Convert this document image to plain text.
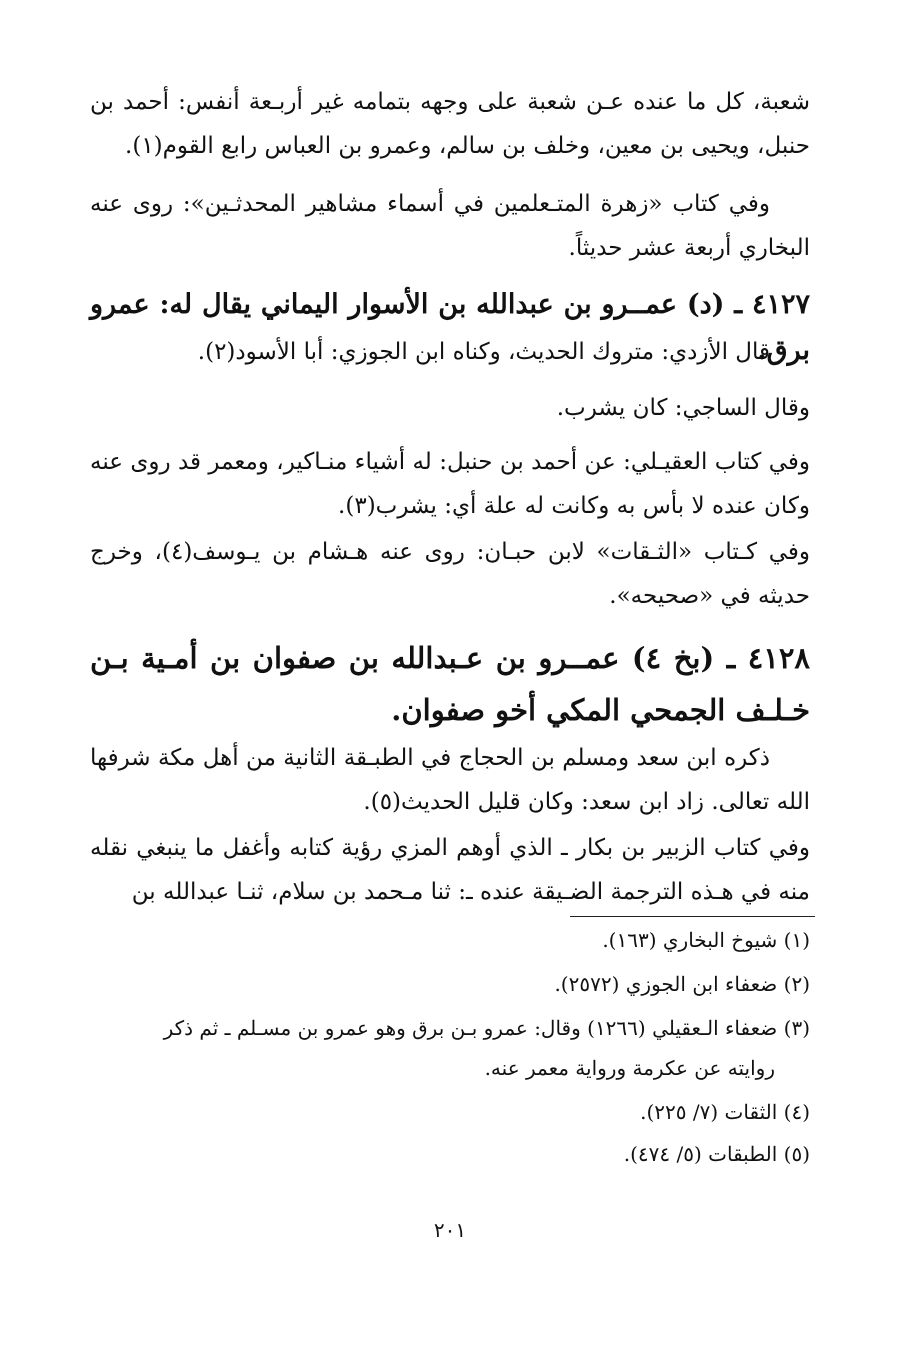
شعبة، كل ما عنده عـن شعبة على وجهه بتمامه غير أربـعة أنفس: أحمد بن حنبل، ويحيى بن معين، وخلف بن سالم، وعمرو بن العباس رابع القوم(١).

وفي كتاب «زهرة المتـعلمين في أسماء مشاهير المحدثـين»: روى عنه البخاري أربعة عشر حديثاً.

٤١٢٧ ـ (د) عمــرو بن عبدالله بن الأسوار اليماني يقال له: عمرو برق.

قال الأزدي: متروك الحديث، وكناه ابن الجوزي: أبا الأسود(٢).

وقال الساجي: كان يشرب.

وفي كتاب العقيـلي: عن أحمد بن حنبل: له أشياء منـاكير، ومعمر قد روى عنه وكان عنده لا بأس به وكانت له علة أي: يشرب(٣).

وفي كـتاب «الثـقات» لابن حبـان: روى عنه هـشام بن يـوسف(٤)، وخرج حديثه في «صحيحه».

٤١٢٨ ـ (بخ ٤) عمــرو بن عـبدالله بن صفوان بن أمـية بـن خـلـف الجمحي المكي أخو صفوان.

ذكره ابن سعد ومسلم بن الحجاج في الطبـقة الثانية من أهل مكة شرفها الله تعالى. زاد ابن سعد: وكان قليل الحديث(٥).

وفي كتاب الزبير بن بكار ـ الذي أوهم المزي رؤية كتابه وأغفل ما ينبغي نقله منه في هـذه الترجمة الضـيقة عنده ـ: ثنا مـحمد بن سلام، ثنـا عبدالله بن

(١) شيوخ البخاري (١٦٣).
(٢) ضعفاء ابن الجوزي (٢٥٧٢).
(٣) ضعفاء الـعقيلي (١٢٦٦) وقال: عمرو بـن برق وهو عمرو بن مسـلم ـ ثم ذكر
روايته عن عكرمة ورواية معمر عنه.
(٤) الثقات (٧/ ٢٢٥).
(٥) الطبقات (٥/ ٤٧٤).
٢٠١
